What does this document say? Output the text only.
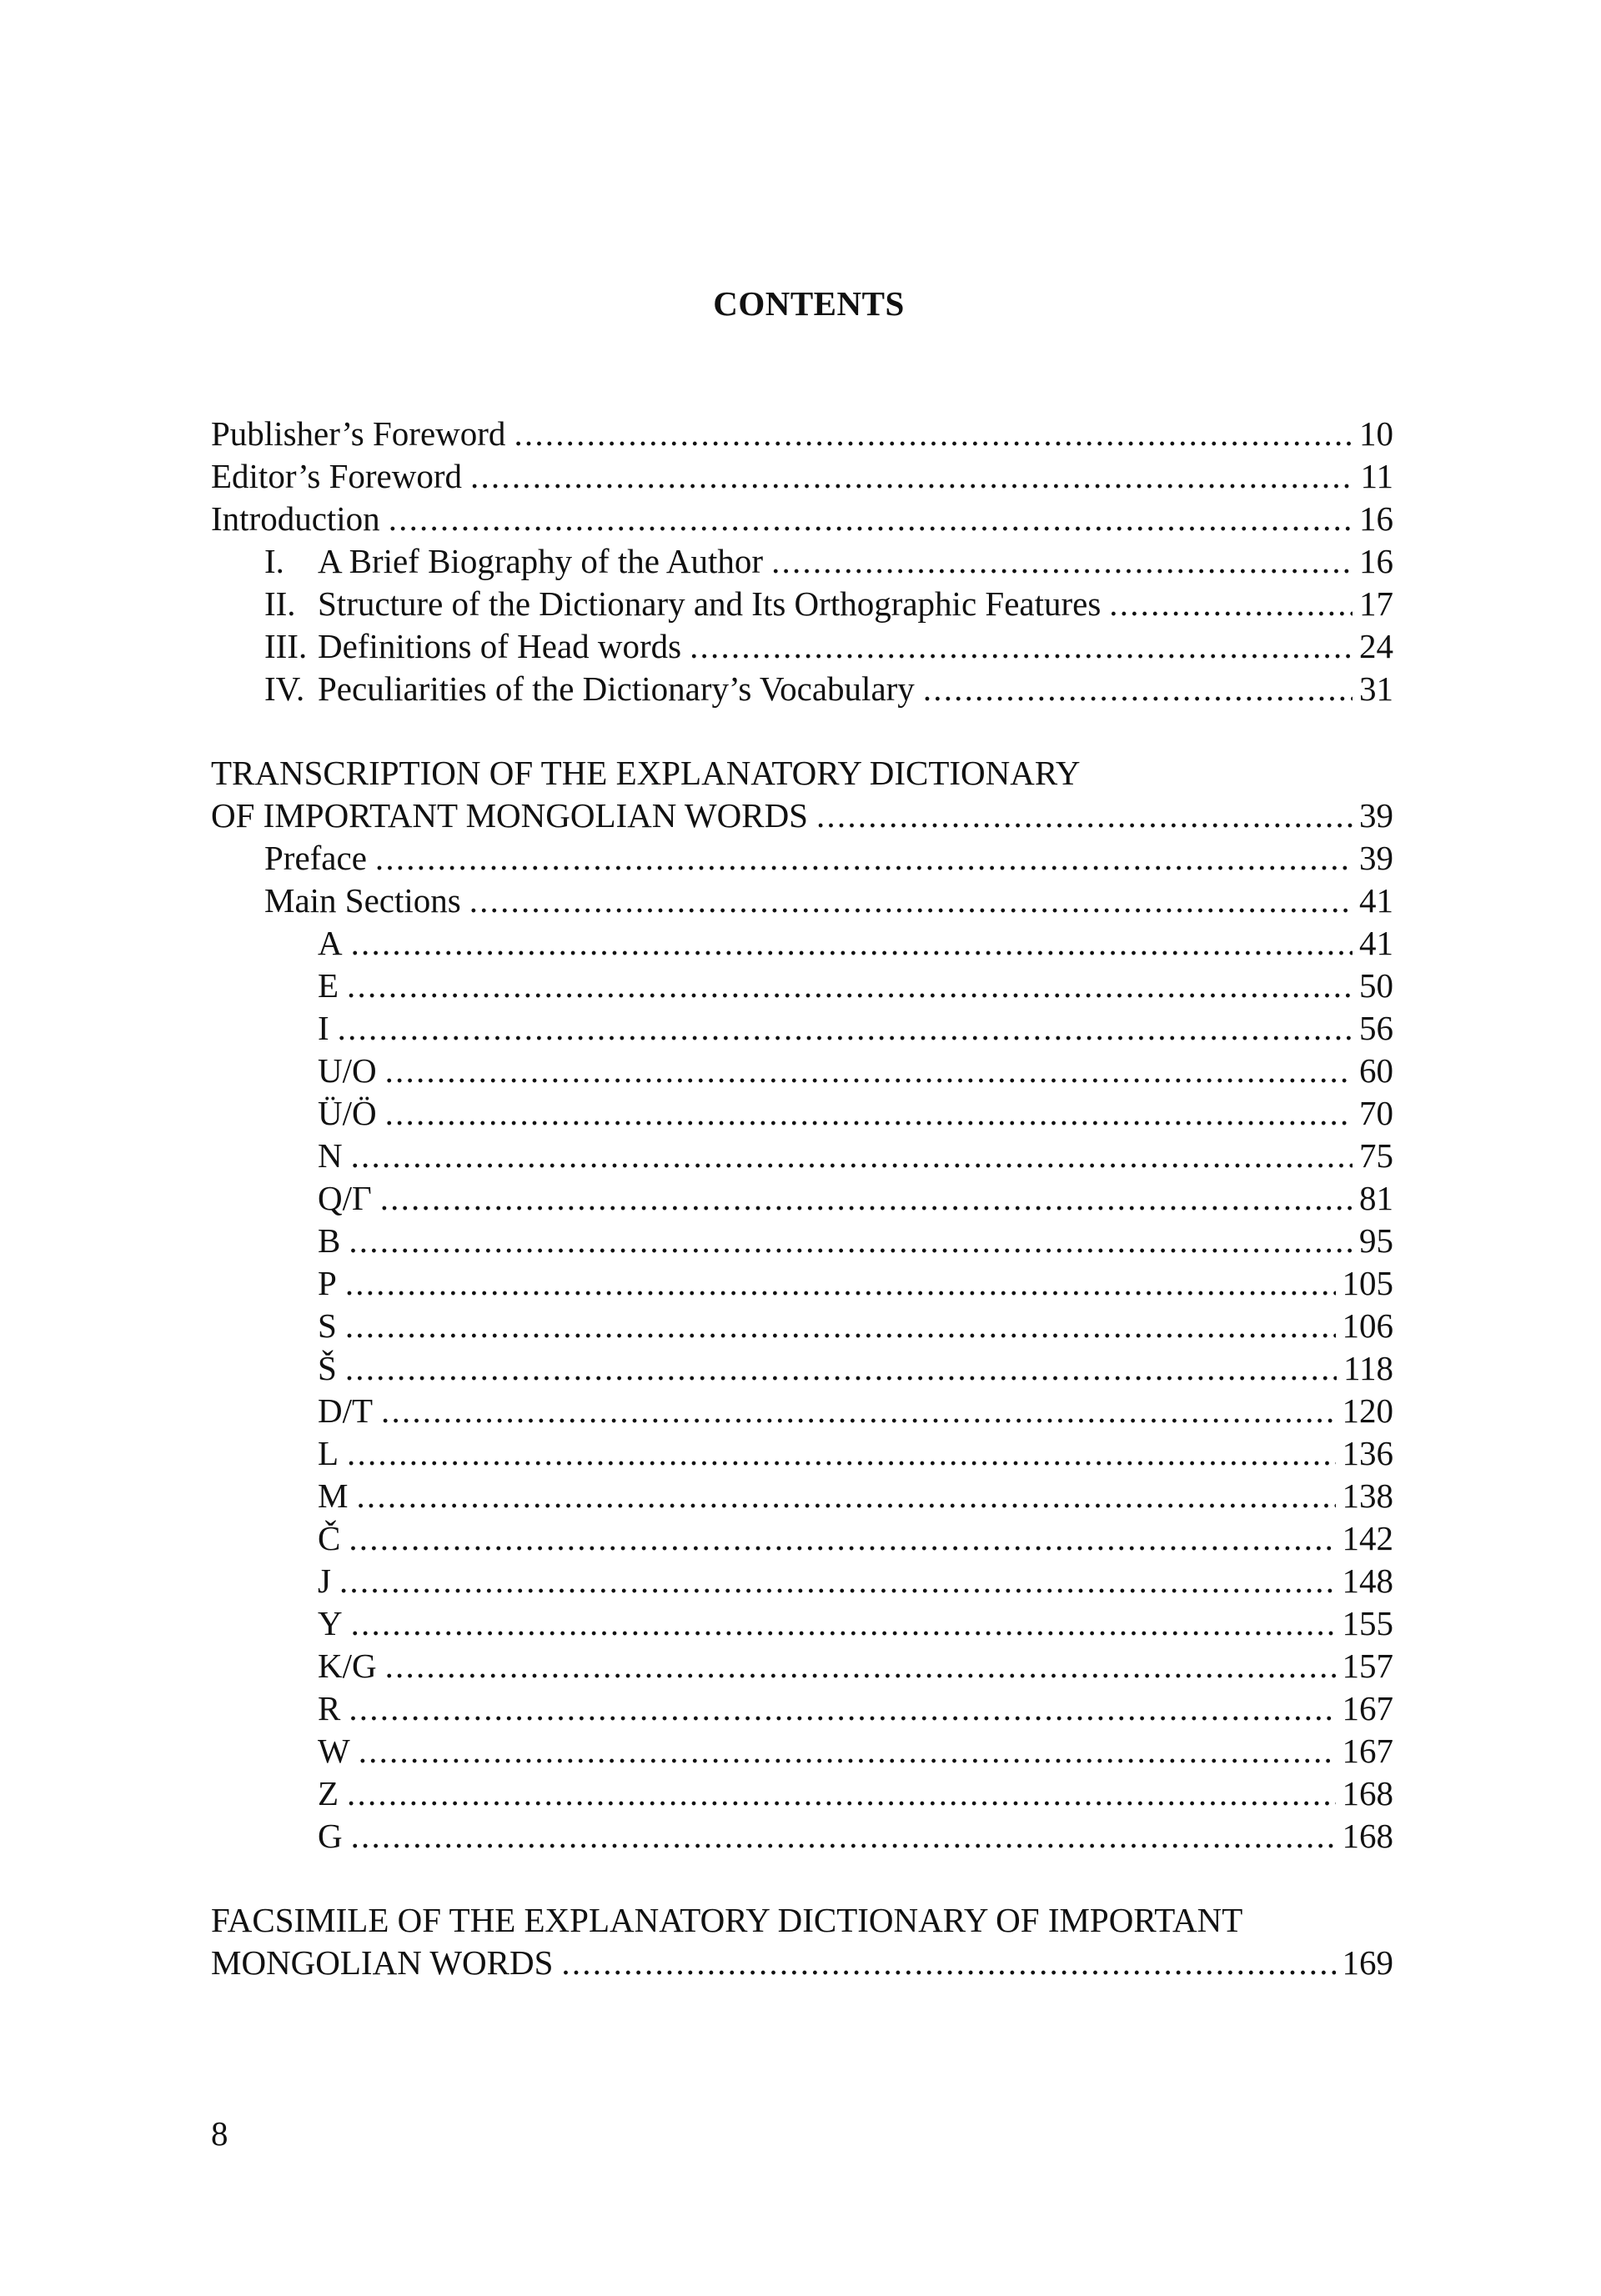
CONTENTS
Publisher’s Foreword .....	10
Editor’s Foreword .....	11
Introduction .....	16
I. A Brief Biography of the Author .....	16
II. Structure of the Dictionary and Its Orthographic Features .....	17
III. Definitions of Head words .....	24
IV. Peculiarities of the Dictionary’s Vocabulary .....	31
TRANSCRIPTION OF THE EXPLANATORY DICTIONARY
OF IMPORTANT MONGOLIAN WORDS .....	39
Preface .....	39
Main Sections .....	41
A .....	41
E .....	50
I .....	56
U/O .....	60
Ü/Ö .....	70
N .....	75
Q/Γ .....	81
B .....	95
P .....	105
S .....	106
Š .....	118
D/T .....	120
L .....	136
M .....	138
Č .....	142
J .....	148
Y .....	155
K/G .....	157
R .....	167
W .....	167
Z .....	168
G .....	168
FACSIMILE OF THE EXPLANATORY DICTIONARY OF IMPORTANT
MONGOLIAN WORDS .....	169
8
